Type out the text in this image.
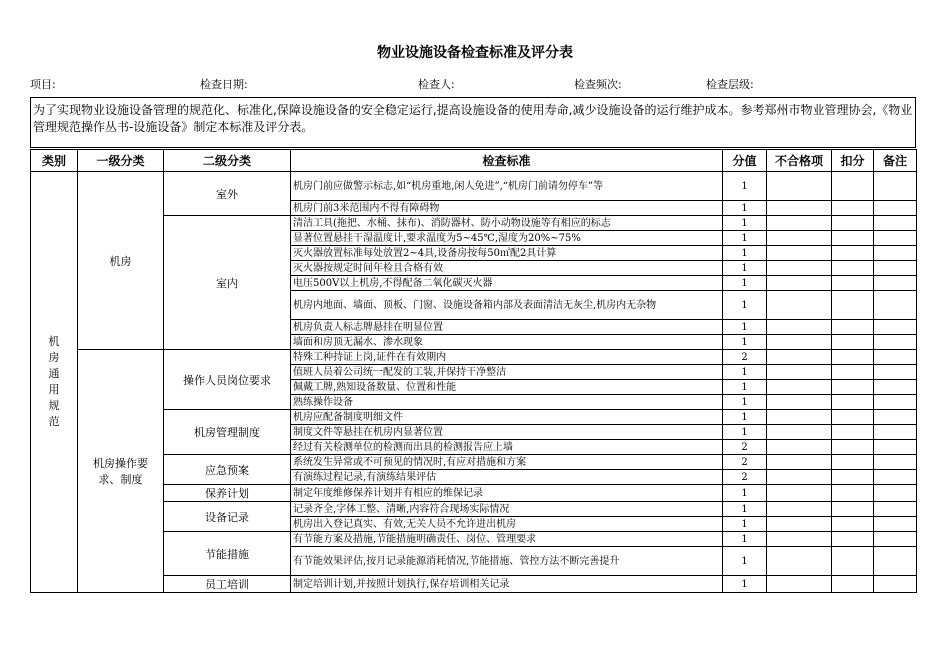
物业设施设备检查标准及评分表
项目:	检查日期:	检查人:	检查频次:	检查层级:
为了实现物业设施设备管理的规范化、标准化,保障设施设备的安全稳定运行,提高设施设备的使用寿命,减少设施设备的运行维护成本。参考郑州市物业管理协会,《物业管理规范操作丛书-设施设备》制定本标准及评分表。
类别	一级分类	二级分类	检查标准	分值	不合格项	扣分	备注
机房通用规范	机房	室外	机房门前应做警示标志,如“机房重地,闲人免进”,“机房门前请勿停车”等	1			
			机房门前3米范围内不得有障碍物	1			
		室内	清洁工具(拖把、水桶、抹布)、消防器材、防小动物设施等有相应的标志	1			
			显著位置悬挂干湿温度计,要求温度为5~45℃,湿度为20%~75%	1			
			灭火器放置标准每处放置2~4具,设备房按每50㎡配2具计算	1			
			灭火器按规定时间年检且合格有效	1			
			电压500V以上机房,不得配备二氧化碳灭火器	1			
			机房内地面、墙面、顶板、门窗、设施设备箱内部及表面清洁无灰尘,机房内无杂物	1			
			机房负责人标志牌悬挂在明显位置	1			
			墙面和房顶无漏水、渗水现象	1			
	机房操作要求、制度	操作人员岗位要求	特殊工种持证上岗,证件在有效期内	2			
			值班人员着公司统一配发的工装,并保持干净整洁	1			
			佩戴工牌,熟知设备数量、位置和性能	1			
			熟练操作设备	1			
		机房管理制度	机房应配备制度明细文件	1			
			制度文件等悬挂在机房内显著位置	1			
			经过有关检测单位的检测而出具的检测报告应上墙	2			
		应急预案	系统发生异常或不可预见的情况时,有应对措施和方案	2			
			有演练过程记录,有演练结果评估	2			
		保养计划	制定年度维修保养计划并有相应的维保记录	1			
		设备记录	记录齐全,字体工整、清晰,内容符合现场实际情况	1			
			机房出入登记真实、有效,无关人员不允许进出机房	1			
		节能措施	有节能方案及措施,节能措施明确责任、岗位、管理要求	1			
			有节能效果评估,按月记录能源消耗情况,节能措施、管控方法不断完善提升	1			
		员工培训	制定培训计划,并按照计划执行,保存培训相关记录	1			
